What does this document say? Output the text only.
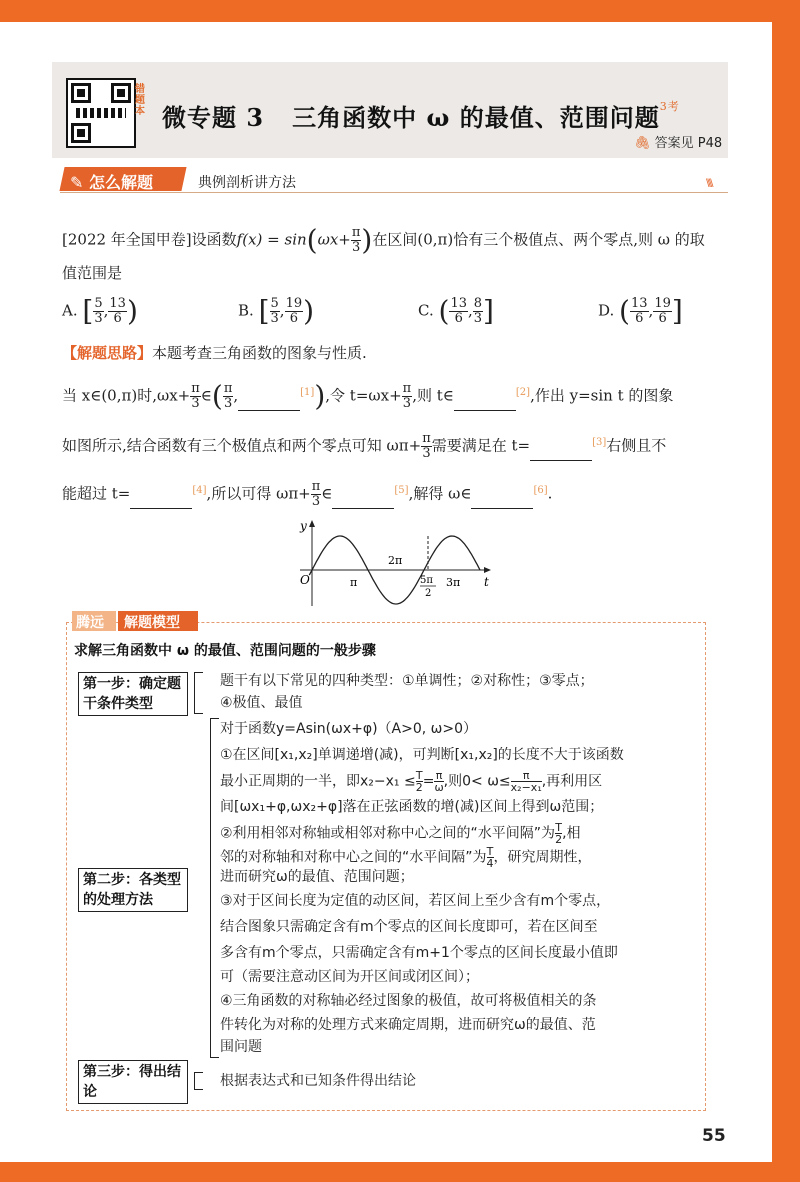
错题本 微专题 3 三角函数中 ω 的最值、范围问题$^{3考}$
🖇 答案见 P48
✎ 怎么解题	典例剖析讲方法	\\\\
[2022 年全国甲卷]设函数$f(x) = \sin(\omega x+ \frac{\pi}{3}$ )在区间(0,π)恰有三个极值点、两个零点,则 ω 的取
值范围是
A. [ $\frac{5}{3}$ , $\frac{13}{6}$ )	B. [ $\frac{5}{3}$ , $\frac{19}{6}$ )	C. ( $\frac{13}{6}$ , $\frac{8}{3}$ ]	D. ( $\frac{13}{6}$ , $\frac{19}{6}$ ]
【解题思路】本题考查三角函数的图象与性质.
当 x∈(0,π)时$,\omega x+ \frac{\pi}{3}$ ∈( $\frac{\pi}{3}$ ,	[1]),令 $t=\omega x+ \frac{\pi}{3}$ ,则 t∈	[2],作出 y=sin t 的图象
如图所示,结合函数有三个极值点和两个零点可知 $\omega\pi+ \frac{\pi}{3}$ 需要满足在 t=	[3]右侧且不
能超过 t=	[4],所以可得 $\omega\pi+ \frac{\pi}{3}$ ∈	[5],解得 ω∈	[6].
y
t
O	π
2π
5π
2
3π
腾远 解题模型
求解三角函数中 ω 的最值、范围问题的一般步骤
第一步：确定题干条件类型
题干有以下常见的四种类型：①单调性；②对称性；③零点；
④极值、最值
第二步：各类型的处理方法
对于函数y=Asin(ωx+φ)（A>0, ω>0）
①在区间[x₁,x₂]单调递增(减)，可判断[x₁,x₂]的长度不大于该函数
最小正周期的一半，即$x_2-x_1 \le \frac{T}{2}= \frac{\pi}{\omega}$,则$0< \omega\le \frac{\pi}{\text{x₂−x₁}}$,再利用区
间[ωx₁+φ,ωx₂+φ]落在正弦函数的增(减)区间上得到ω范围；
②利用相邻对称轴或相邻对称中心之间的“水平间隔”为 $\frac{T}{2}$,相
邻的对称轴和对称中心之间的“水平间隔”为 $\frac{T}{4}$，研究周期性，
进而研究ω的最值、范围问题；
③对于区间长度为定值的动区间，若区间上至少含有m个零点，
结合图象只需确定含有m个零点的区间长度即可，若在区间至
多含有m个零点，只需确定含有m+1个零点的区间长度最小值即
可（需要注意动区间为开区间或闭区间）；
④三角函数的对称轴必经过图象的极值，故可将极值相关的条
件转化为对称的处理方式来确定周期，进而研究ω的最值、范
围问题
第三步：得出结论
根据表达式和已知条件得出结论
55
